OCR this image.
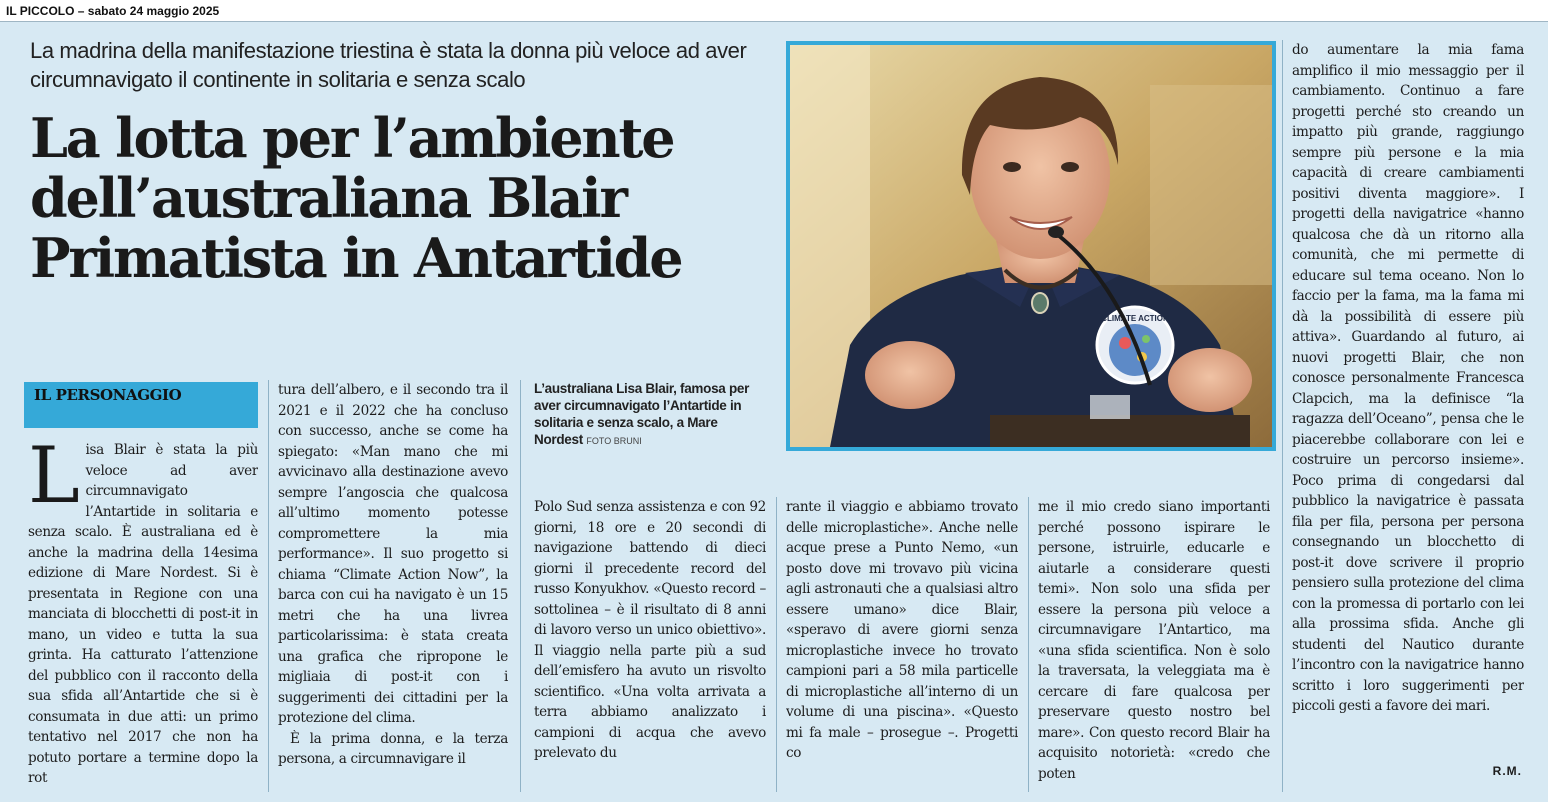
IL PICCOLO – sabato 24 maggio 2025
La madrina della manifestazione triestina è stata la donna più veloce ad aver circumnavigato il continente in solitaria e senza scalo
La lotta per l’ambiente
dell’australiana Blair
Primatista in Antartide
CLIMATE ACTION
L’australiana Lisa Blair, famosa per aver circumnavigato l’Antartide in solitaria e senza scalo, a Mare Nordest FOTO BRUNI
IL PERSONAGGIO

L isa Blair è stata la più veloce ad aver circumnavigato l’Antartide in solitaria e senza scalo. È australiana ed è anche la madrina della 14esima edizione di Mare Nordest. Si è presentata in Regione con una manciata di blocchetti di post-it in mano, un video e tutta la sua grinta. Ha catturato l’attenzione del pubblico con il racconto della sua sfida all’Antartide che si è consumata in due atti: un primo tentativo nel 2017 che non ha potuto portare a termine dopo la rot

tura dell’albero, e il secondo tra il 2021 e il 2022 che ha concluso con successo, anche se come ha spiegato: «Man mano che mi avvicinavo alla destinazione avevo sempre l’angoscia che qualcosa all’ultimo momento potesse compromettere la mia performance». Il suo progetto si chiama “Climate Action Now”, la barca con cui ha navigato è un 15 metri che ha una livrea particolarissima: è stata creata una grafica che ripropone le migliaia di post-it con i suggerimenti dei cittadini per la protezione del clima.

È la prima donna, e la terza persona, a circumnavigare il

Polo Sud senza assistenza e con 92 giorni, 18 ore e 20 secondi di navigazione battendo di dieci giorni il precedente record del russo Konyukhov. «Questo record – sottolinea – è il risultato di 8 anni di lavoro verso un unico obiettivo». Il viaggio nella parte più a sud dell’emisfero ha avuto un risvolto scientifico. «Una volta arrivata a terra abbiamo analizzato i campioni di acqua che avevo prelevato du

rante il viaggio e abbiamo trovato delle microplastiche». Anche nelle acque prese a Punto Nemo, «un posto dove mi trovavo più vicina agli astronauti che a qualsiasi altro essere umano» dice Blair, «speravo di avere giorni senza microplastiche invece ho trovato campioni pari a 58 mila particelle di microplastiche all’interno di un volume di una piscina». «Questo mi fa male – prosegue –. Progetti co

me il mio credo siano importanti perché possono ispirare le persone, istruirle, educarle e aiutarle a considerare questi temi». Non solo una sfida per essere la persona più veloce a circumnavigare l’Antartico, ma «una sfida scientifica. Non è solo la traversata, la veleggiata ma è cercare di fare qualcosa per preservare questo nostro bel mare». Con questo record Blair ha acquisito notorietà: «credo che poten

do aumentare la mia fama amplifico il mio messaggio per il cambiamento. Continuo a fare progetti perché sto creando un impatto più grande, raggiungo sempre più persone e la mia capacità di creare cambiamenti positivi diventa maggiore». I progetti della navigatrice «hanno qualcosa che dà un ritorno alla comunità, che mi permette di educare sul tema oceano. Non lo faccio per la fama, ma la fama mi dà la possibilità di essere più attiva». Guardando al futuro, ai nuovi progetti Blair, che non conosce personalmente Francesca Clapcich, ma la definisce “la ragazza dell’Oceano”, pensa che le piacerebbe collaborare con lei e costruire un percorso insieme». Poco prima di congedarsi dal pubblico la navigatrice è passata fila per fila, persona per persona consegnando un blocchetto di post-it dove scrivere il proprio pensiero sulla protezione del clima con la promessa di portarlo con lei alla prossima sfida. Anche gli studenti del Nautico durante l’incontro con la navigatrice hanno scritto i loro suggerimenti per piccoli gesti a favore dei mari.

R.M.
